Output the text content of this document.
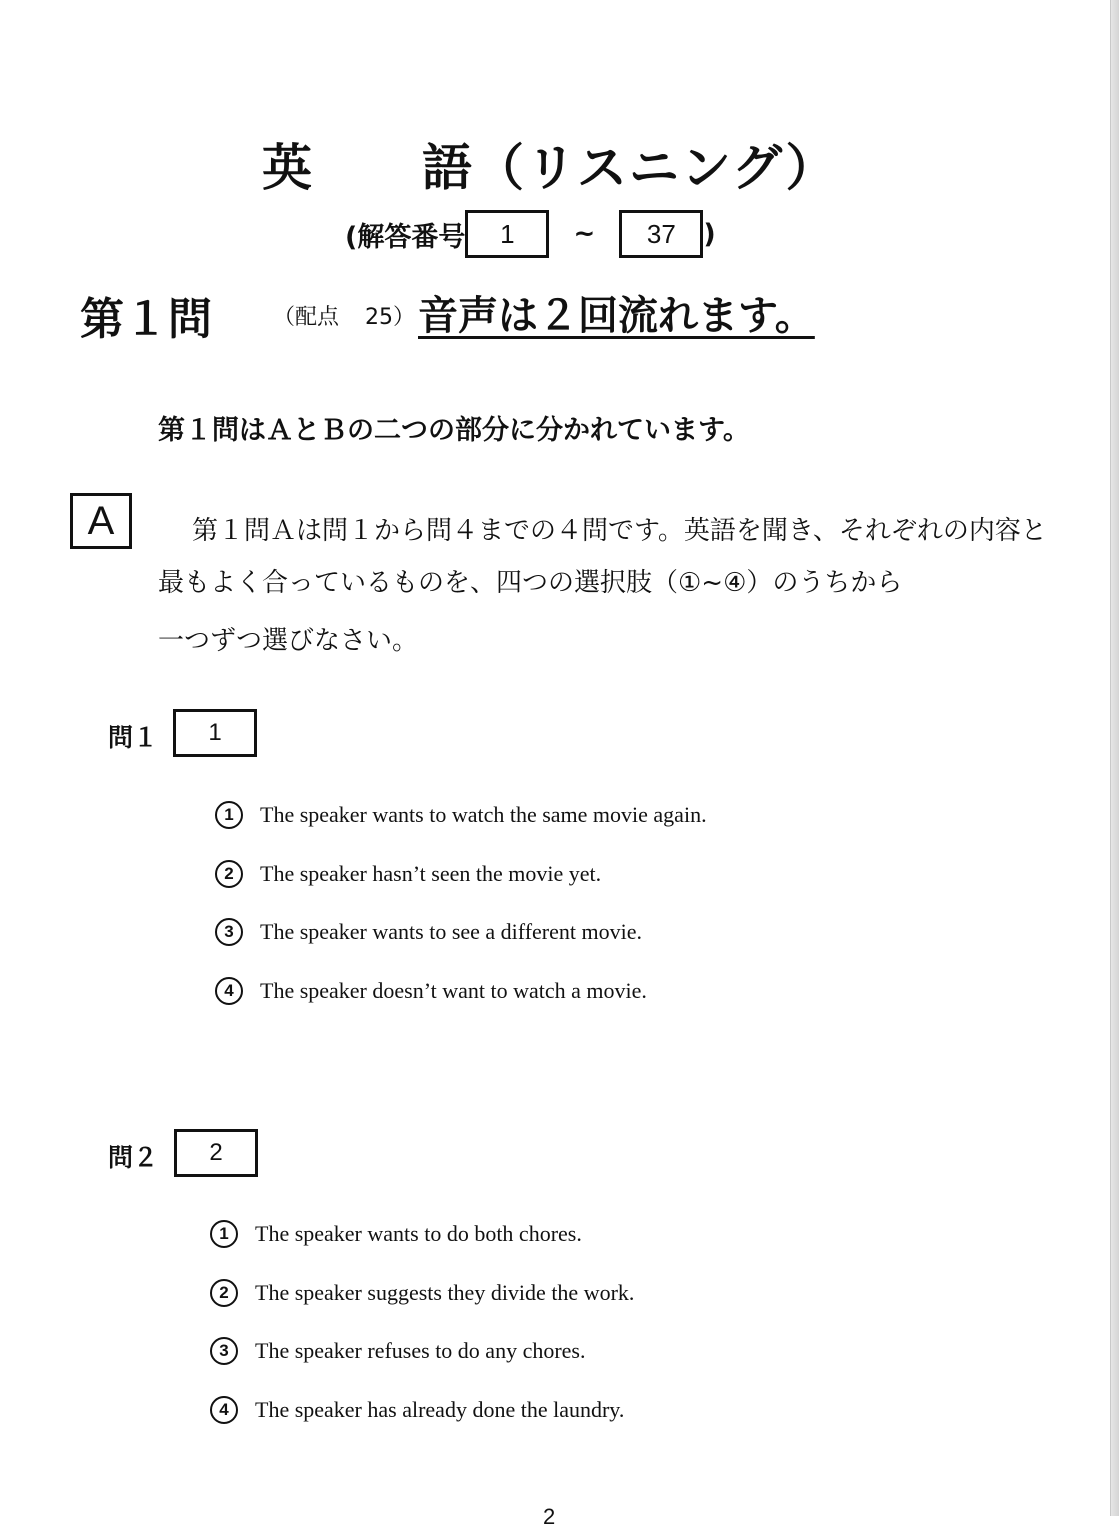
英 語（リスニング）
(解答番号	1	~	37	)
第１問	（配点 25） 音声は２回流れます。
第１問はＡとＢの二つの部分に分かれています。
A	第１問Ａは問１から問４までの４問です。英語を聞き、それぞれの内容と
最もよく合っているものを、四つの選択肢（①~④）のうちから
一つずつ選びなさい。
問１	1
1	The speaker wants to watch the same movie again.
2	The speaker hasn’t seen the movie yet.
3	The speaker wants to see a different movie.
4	The speaker doesn’t want to watch a movie.
問２	2
1	The speaker wants to do both chores.
2	The speaker suggests they divide the work.
3	The speaker refuses to do any chores.
4	The speaker has already done the laundry.
2
